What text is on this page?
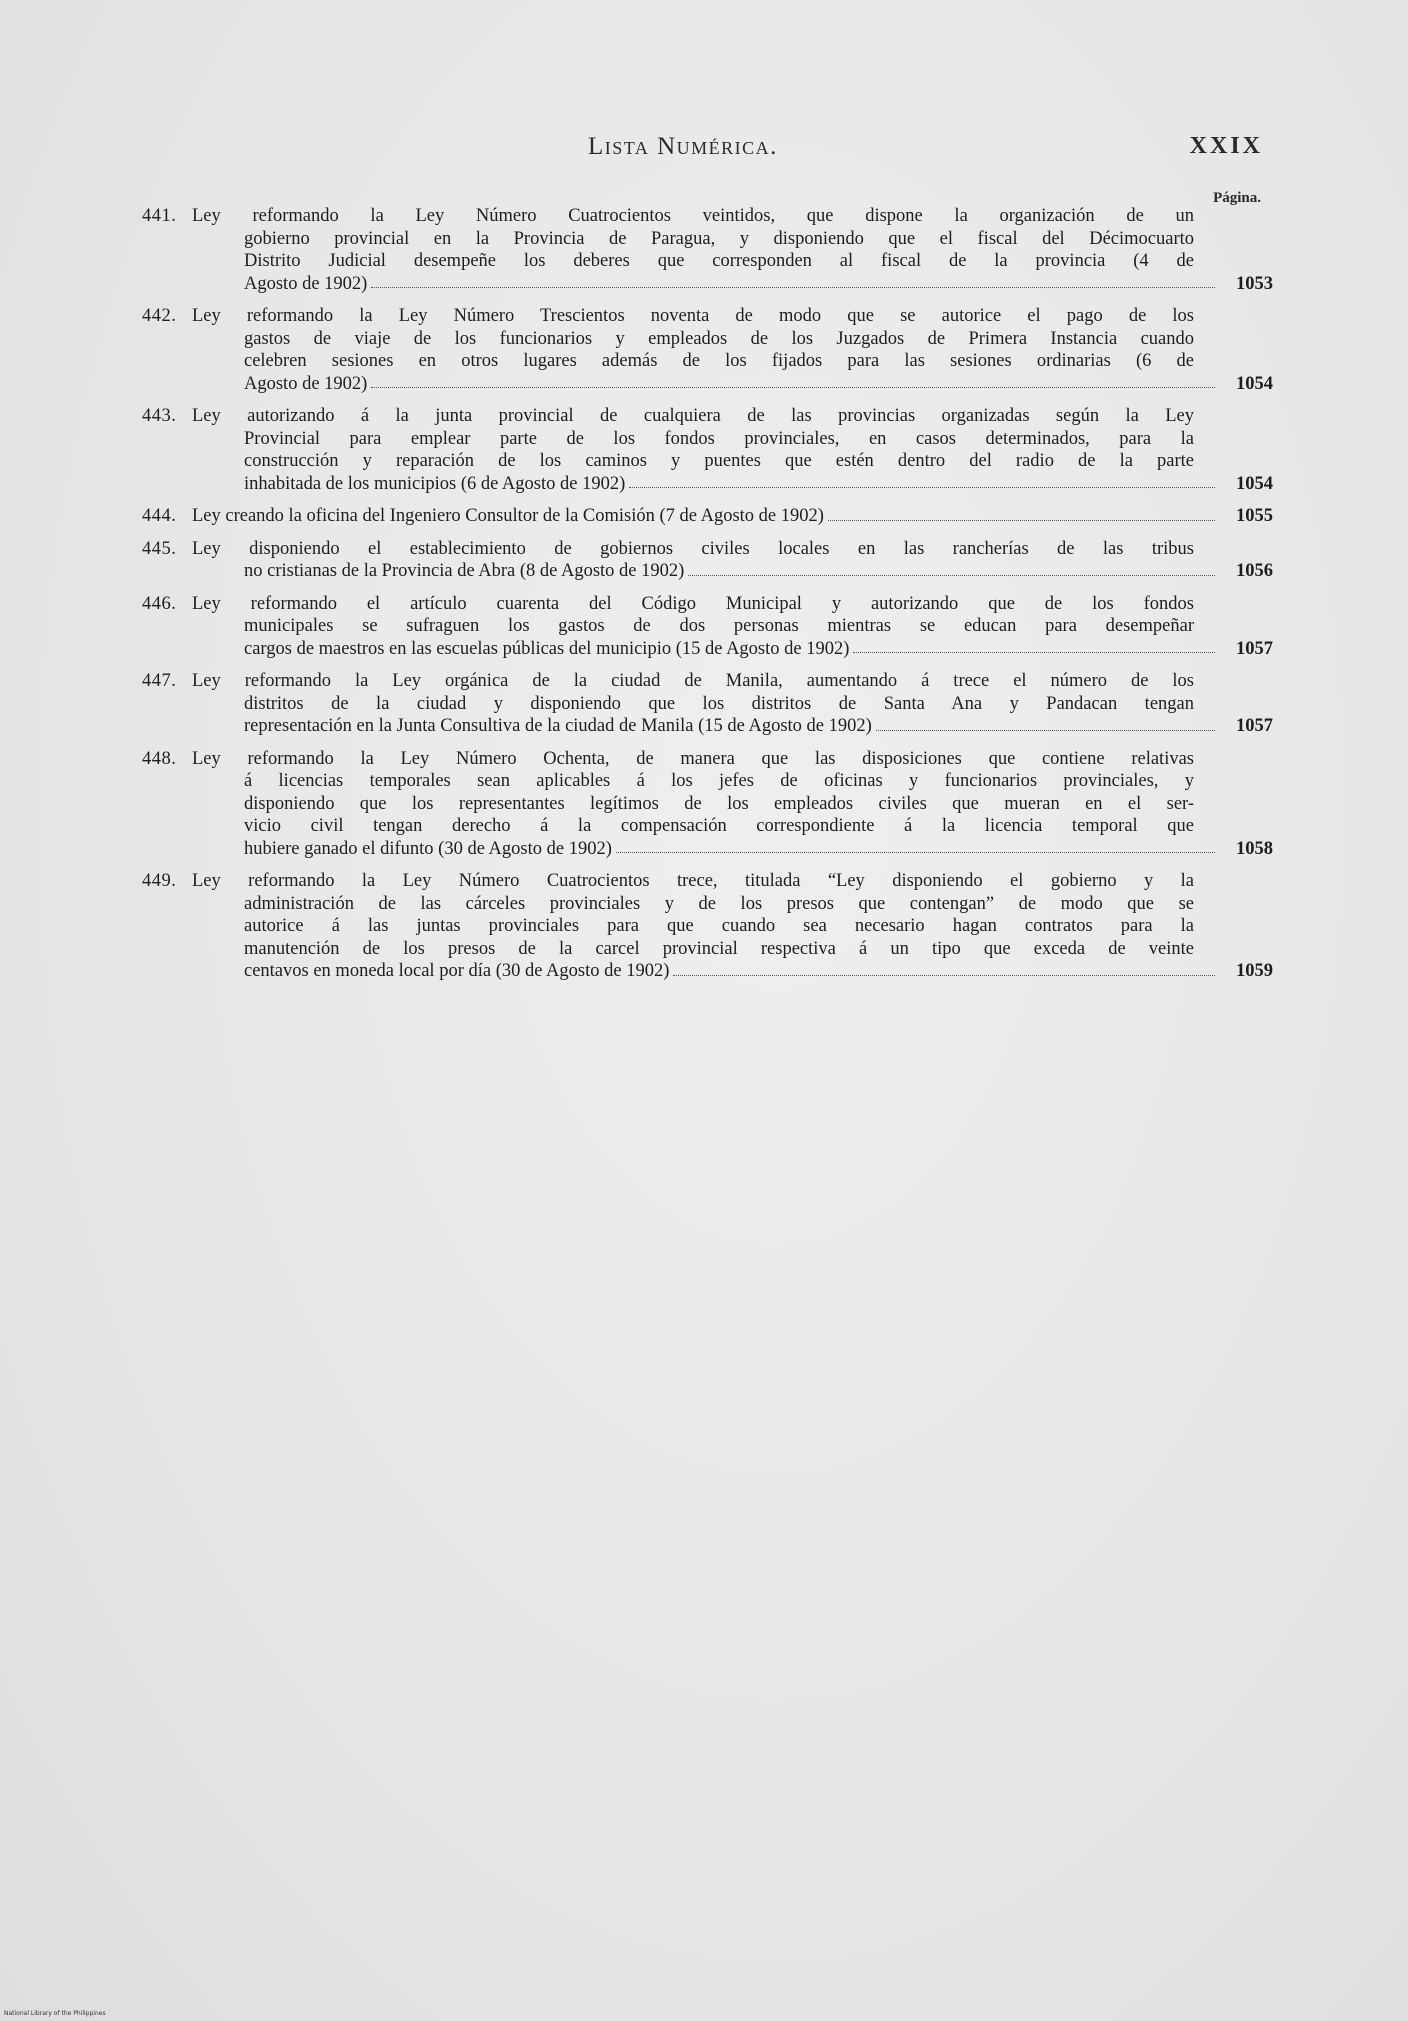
Lista Numérica.	XXIX
Página.
441. Ley reformando la Ley Número Cuatrocientos veintidos, que dispone la organización de un
gobierno provincial en la Provincia de Paragua, y disponiendo que el fiscal del Décimocuarto
Distrito Judicial desempeñe los deberes que corresponden al fiscal de la provincia (4 de
Agosto de 1902)	1053
442. Ley reformando la Ley Número Trescientos noventa de modo que se autorice el pago de los
gastos de viaje de los funcionarios y empleados de los Juzgados de Primera Instancia cuando
celebren sesiones en otros lugares además de los fijados para las sesiones ordinarias (6 de
Agosto de 1902)	1054
443. Ley autorizando á la junta provincial de cualquiera de las provincias organizadas según la Ley
Provincial para emplear parte de los fondos provinciales, en casos determinados, para la
construcción y reparación de los caminos y puentes que estén dentro del radio de la parte
inhabitada de los municipios (6 de Agosto de 1902)	1054
444. Ley creando la oficina del Ingeniero Consultor de la Comisión (7 de Agosto de 1902)	1055
445. Ley disponiendo el establecimiento de gobiernos civiles locales en las rancherías de las tribus
no cristianas de la Provincia de Abra (8 de Agosto de 1902)	1056
446. Ley reformando el artículo cuarenta del Código Municipal y autorizando que de los fondos
municipales se sufraguen los gastos de dos personas mientras se educan para desempeñar
cargos de maestros en las escuelas públicas del municipio (15 de Agosto de 1902)	1057
447. Ley reformando la Ley orgánica de la ciudad de Manila, aumentando á trece el número de los
distritos de la ciudad y disponiendo que los distritos de Santa Ana y Pandacan tengan
representación en la Junta Consultiva de la ciudad de Manila (15 de Agosto de 1902)	1057
448. Ley reformando la Ley Número Ochenta, de manera que las disposiciones que contiene relativas
á licencias temporales sean aplicables á los jefes de oficinas y funcionarios provinciales, y
disponiendo que los representantes legítimos de los empleados civiles que mueran en el ser-
vicio civil tengan derecho á la compensación correspondiente á la licencia temporal que
hubiere ganado el difunto (30 de Agosto de 1902)	1058
449. Ley reformando la Ley Número Cuatrocientos trece, titulada “Ley disponiendo el gobierno y la
administración de las cárceles provinciales y de los presos que contengan” de modo que se
autorice á las juntas provinciales para que cuando sea necesario hagan contratos para la
manutención de los presos de la carcel provincial respectiva á un tipo que exceda de veinte
centavos en moneda local por día (30 de Agosto de 1902)	1059
National Library of the Philippines
